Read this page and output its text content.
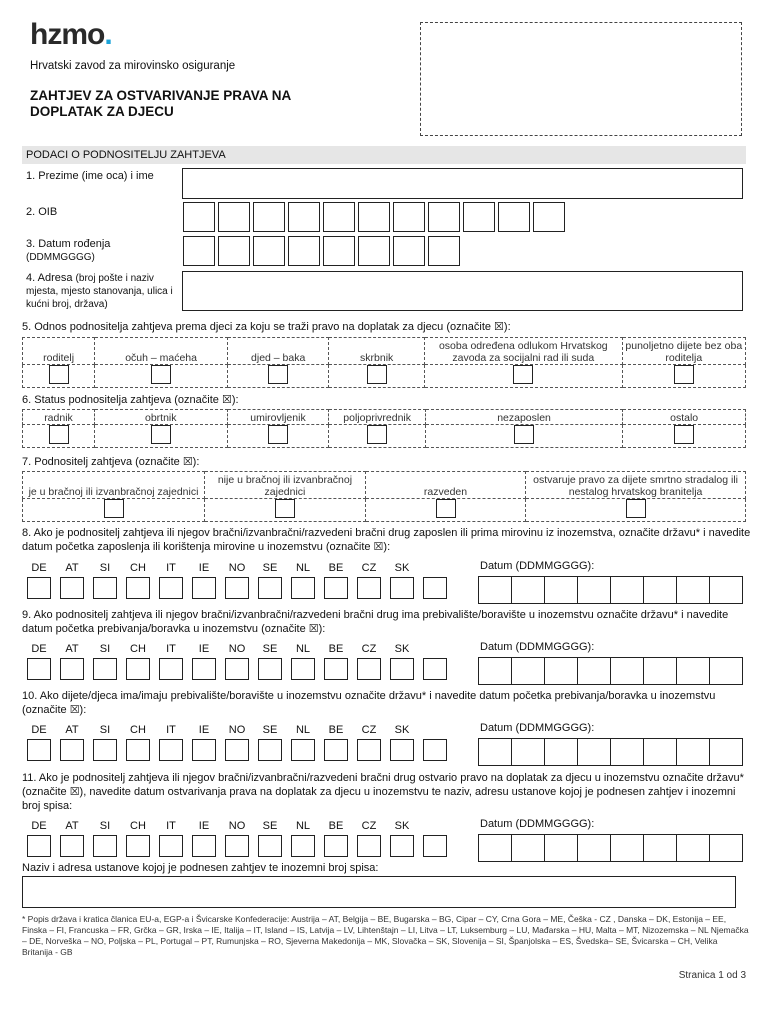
hzmo.
Hrvatski zavod za mirovinsko osiguranje
ZAHTJEV ZA OSTVARIVANJE PRAVA NA DOPLATAK ZA DJECU
PODACI O PODNOSITELJU ZAHTJEVA
1. Prezime (ime oca) i ime
2. OIB
3. Datum rođenja
(DDMMGGGG)
4. Adresa (broj pošte i naziv mjesta, mjesto stanovanja, ulica i kućni broj, država)
5. Odnos podnositelja zahtjeva prema djeci za koju se traži pravo na doplatak za djecu (označite ☒):
roditelj	očuh – maćeha	djed – baka	skrbnik	osoba određena odlukom Hrvatskog zavoda za socijalni rad ili suda	punoljetno dijete bez oba roditelja

6. Status podnositelja zahtjeva (označite ☒):
radnik	obrtnik	umirovljenik	poljoprivrednik	nezaposlen	ostalo

7. Podnositelj zahtjeva (označite ☒):
je u bračnoj ili izvanbračnoj zajednici	nije u bračnoj ili izvanbračnoj zajednici	razveden	ostvaruje pravo za dijete smrtno stradalog ili nestalog hrvatskog branitelja

8. Ako je podnositelj zahtjeva ili njegov bračni/izvanbračni/razvedeni bračni drug zaposlen ili prima mirovinu iz inozemstva, označite državu* i navedite datum početka zaposlenja ili korištenja mirovine u inozemstvu (označite ☒):
DE	AT	SI	CH	IT	IE	NO	SE	NL	BE	CZ	SK	Datum (DDMMGGGG):
9. Ako podnositelj zahtjeva ili njegov bračni/izvanbračni/razvedeni bračni drug ima prebivalište/boravište u inozemstvu označite državu* i navedite datum početka prebivanja/boravka u inozemstvu (označite ☒):
DE	AT	SI	CH	IT	IE	NO	SE	NL	BE	CZ	SK	Datum (DDMMGGGG):
10. Ako dijete/djeca ima/imaju prebivalište/boravište u inozemstvu označite državu* i navedite datum početka prebivanja/boravka u inozemstvu (označite ☒):
DE	AT	SI	CH	IT	IE	NO	SE	NL	BE	CZ	SK	Datum (DDMMGGGG):
11. Ako je podnositelj zahtjeva ili njegov bračni/izvanbračni/razvedeni bračni drug ostvario pravo na doplatak za djecu u inozemstvu označite državu* (označite ☒), navedite datum ostvarivanja prava na doplatak za djecu u inozemstvu te naziv, adresu ustanove kojoj je podnesen zahtjev i inozemni broj spisa:
DE	AT	SI	CH	IT	IE	NO	SE	NL	BE	CZ	SK	Datum (DDMMGGGG):
Naziv i adresa ustanove kojoj je podnesen zahtjev te inozemni broj spisa:
* Popis država i kratica članica EU-a, EGP-a i Švicarske Konfederacije: Austrija – AT, Belgija – BE, Bugarska – BG, Cipar – CY, Crna Gora – ME, Češka - CZ , Danska – DK, Estonija – EE, Finska – FI, Francuska – FR, Grčka – GR, Irska – IE, Italija – IT, Island – IS, Latvija – LV, Lihtenštajn – LI, Litva – LT, Luksemburg – LU, Mađarska – HU, Malta – MT, Nizozemska – NL Njemačka – DE, Norveška – NO, Poljska – PL, Portugal – PT, Rumunjska – RO, Sjeverna Makedonija – MK, Slovačka – SK, Slovenija – SI, Španjolska – ES, Švedska– SE, Švicarska – CH, Velika Britanija - GB
Stranica 1 od 3
